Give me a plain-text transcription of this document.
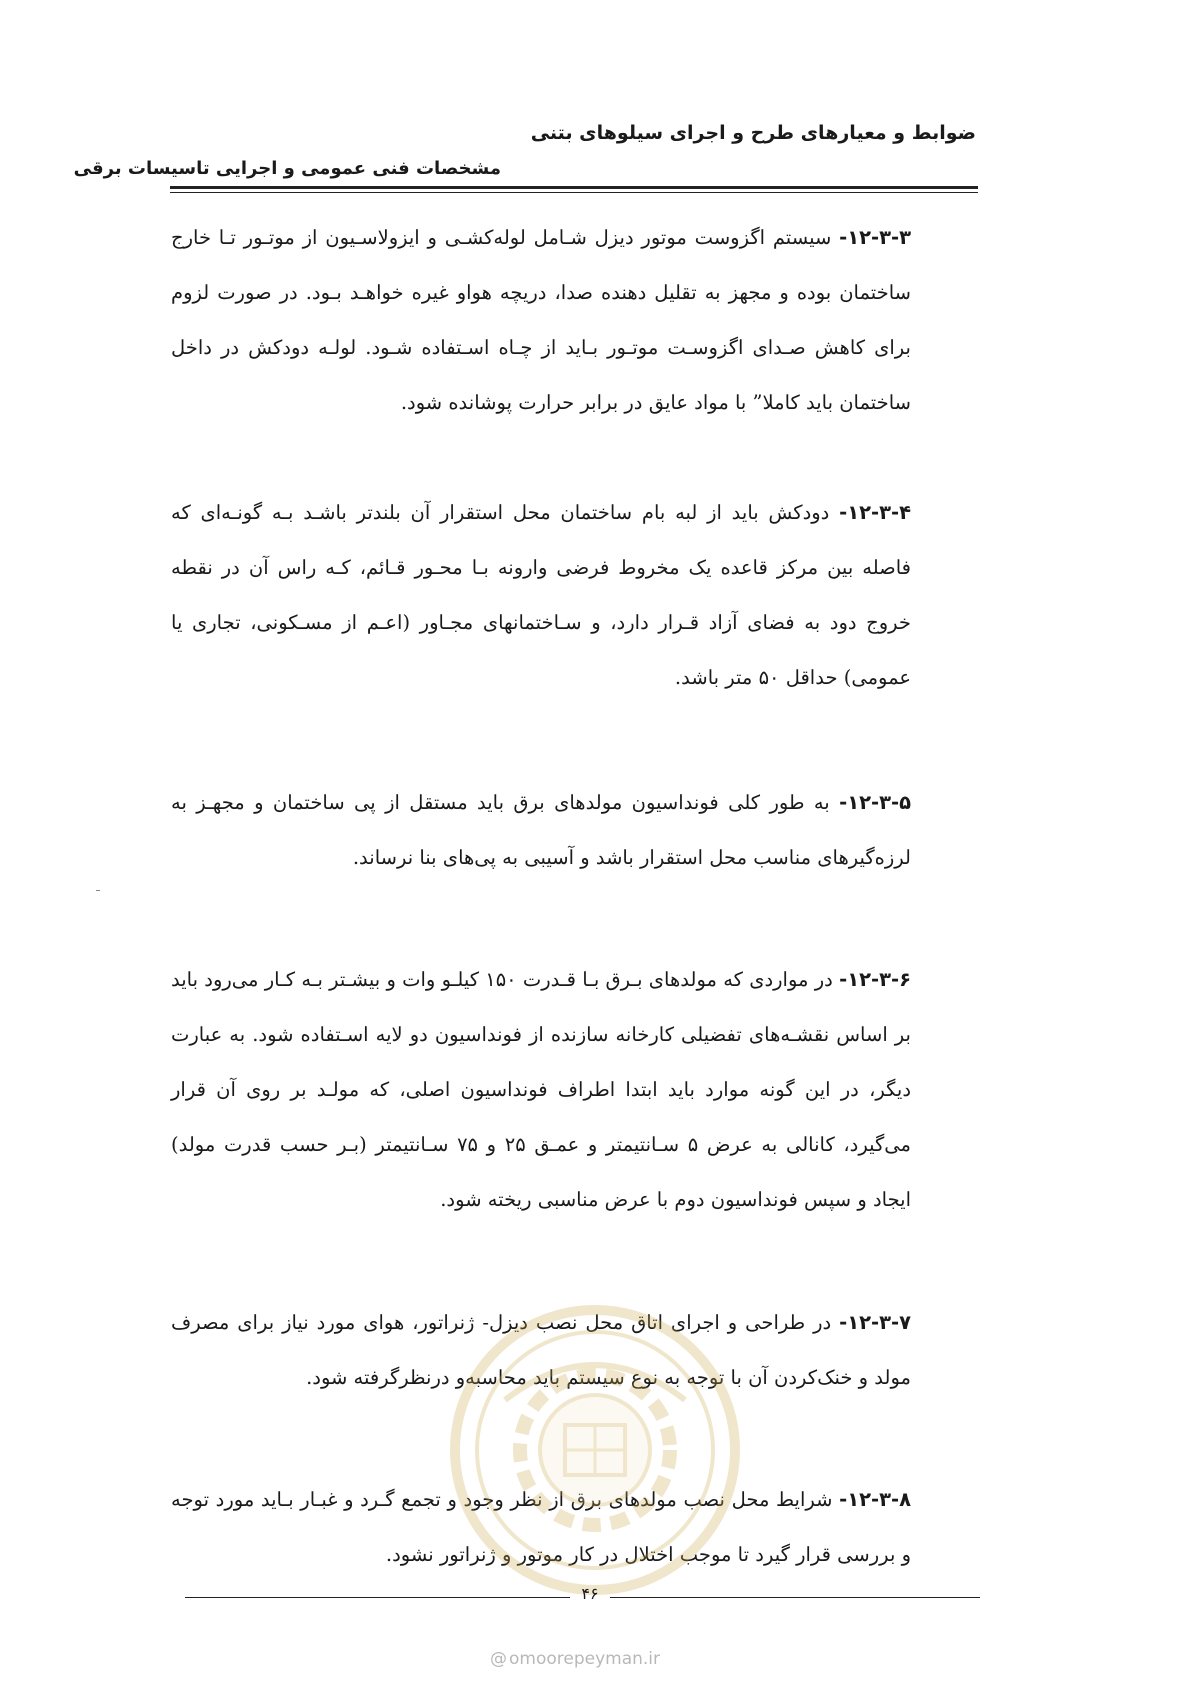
ضوابط و معیارهای طرح و اجرای سیلوهای بتنی
مشخصات فنی عمومی و اجرایی تاسیسات برقی

۱۲-۳-۳- سیستم اگزوست موتور دیزل شـامل لوله‌کشـی و ایزولاسـیون از موتـور تـا خارج ساختمان بوده و مجهز به تقلیل دهنده صدا، دریچه هواو غیره خواهـد بـود. در صورت لزوم برای کاهش صـدای اگزوسـت موتـور بـاید از چـاه اسـتفاده شـود. لولـه دودکش در داخل ساختمان باید کاملا” با مواد عایق در برابر حرارت پوشانده شود.

۱۲-۳-۴- دودکش باید از لبه بام ساختمان محل استقرار آن بلندتر باشـد بـه گونـه‌ای که فاصله بین مرکز قاعده یک مخروط فرضی وارونه بـا محـور قـائم، کـه راس آن در نقطه خروج دود به فضای آزاد قـرار دارد، و سـاختمانهای مجـاور (اعـم از مسـکونی، تجاری یا عمومی) حداقل ۵۰ متر باشد.

۱۲-۳-۵- به طور کلی فونداسیون مولدهای برق باید مستقل از پی ساختمان و مجهـز به لرزه‌گیرهای مناسب محل استقرار باشد و آسیبی به پی‌های بنا نرساند.

۱۲-۳-۶- در مواردی که مولدهای بـرق بـا قـدرت ۱۵۰ کیلـو وات و بیشـتر بـه کـار می‌رود باید بر اساس نقشـه‌های تفضیلی کارخانه سازنده از فونداسیون دو لایه اسـتفاده شود. به عبارت دیگر، در این گونه موارد باید ابتدا اطراف فونداسیون اصلی، که مولـد بر روی آن قرار می‌گیرد، کانالی به عرض ۵ سـانتیمتر و عمـق ۲۵ و ۷۵ سـانتیمتر (بـر حسب قدرت مولد) ایجاد و سپس فونداسیون دوم با عرض مناسبی ریخته شود.

۱۲-۳-۷- در طراحی و اجرای اتاق محل نصب دیزل- ژنراتور، هوای مورد نیاز برای مصرف مولد و خنک‌کردن آن با توجه به نوع سیستم باید محاسبه‌و درنظرگرفته شود.

۱۲-۳-۸- شرایط محل نصب مولدهای برق از نظر وجود و تجمع گـرد و غبـار بـاید مورد توجه و بررسی قرار گیرد تا موجب اختلال در کار موتور و ژنراتور نشود.

۴۶
@ omoorepeyman.ir
